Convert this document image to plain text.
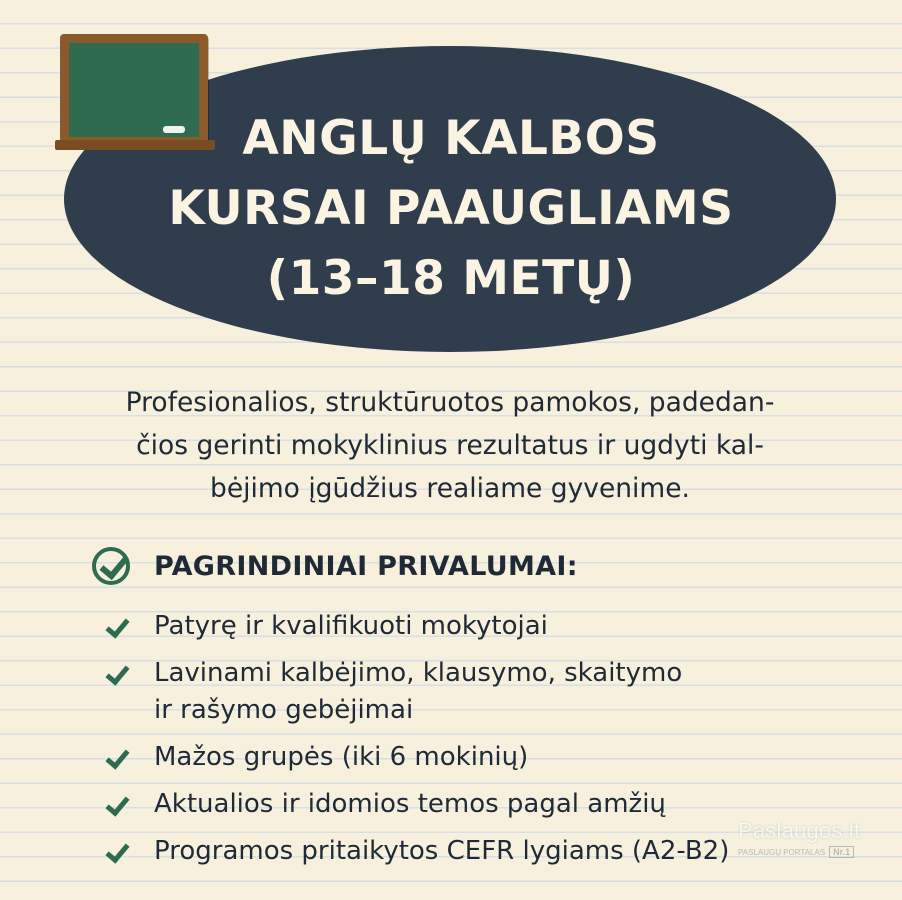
ANGLŲ KALBOS
KURSAI PAAUGLIAMS
(13–18 METŲ)

Profesionalios, struktūruotos pamokos, padedan-
čios gerinti mokyklinius rezultatus ir ugdyti kal-
bėjimo įgūdžius realiame gyvenime.

PAGRINDINIAI PRIVALUMAI:
Patyrę ir kvalifikuoti mokytojai
Lavinami kalbėjimo, klausymo, skaitymo
ir rašymo gebėjimai
Mažos grupės (iki 6 mokinių)
Aktualios ir idomios temos pagal amžių
Programos pritaikytos CEFR lygiams (A2-B2)
Paslaugos.lt
PASLAUGŲ PORTALAS Nr.1
